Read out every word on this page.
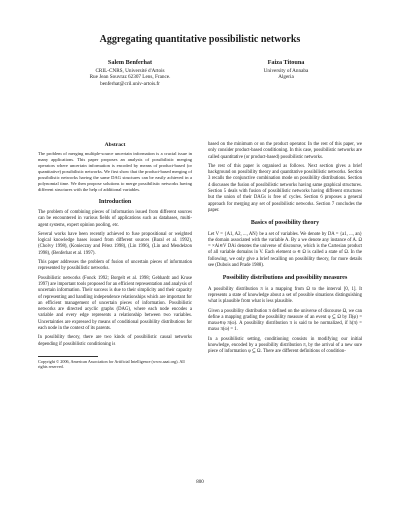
Aggregating quantitative possibilistic networks
Salem Benferhat
CRIL-CNRS, Université d'Artois
Rue Jean Souvraz 62307 Lens, France.
benferhat@cril.univ-artois.fr
Faiza Titouna
University of Annaba
Algeria
Abstract

The problem of merging multiple-source uncertain information is a crucial issue in many applications. This paper proposes an analysis of possibilistic merging operators where uncertain information is encoded by means of product-based (or quantitative) possibilistic networks. We first show that the product-based merging of possibilistic networks having the same DAG structures can be easily achieved in a polynomial time. We then propose solutions to merge possibilistic networks having different structures with the help of additional variables.

Introduction

The problem of combining pieces of information issued from different sources can be encountered in various fields of applications such as databases, multi-agent systems, expert opinion pooling, etc.

Several works have been recently achieved to fuse propositional or weighted logical knowledge bases issued from different sources (Baral et al. 1992),(Cholvy 1998), (Konieczny and Pérez 1998), (Lin 1996), (Lin and Mendelzon 1998), (Benferhat et al. 1997).

This paper addresses the problem of fusion of uncertain pieces of information represented by possibilistic networks.

Possibilistic networks (Fonck 1992; Borgelt et al. 1998; Gebhardt and Kruse 1997) are important tools proposed for an efficient representation and analysis of uncertain information. Their success is due to their simplicity and their capacity of representing and handling independence relationships which are important for an efficient management of uncertain pieces of information. Possibilistic networks are directed acyclic graphs (DAG), where each node encodes a variable and every edge represents a relationship between two variables. Uncertainties are expressed by means of conditional possibility distributions for each node in the context of its parents.

In possibility theory, there are two kinds of possibilistic causal networks depending if possibilistic conditioning is

Copyright © 2006, American Association for Artificial Intelligence (www.aaai.org). All rights reserved.

based on the minimum or on the product operator. In the rest of this paper, we only consider product-based conditioning. In this case, possibilistic networks are called quantitative (or product-based) possibilistic networks.

The rest of this paper is organised as follows. Next section gives a brief background on possibility theory and quantitative possibilistic networks. Section 3 recalls the conjunctive combination mode on possibility distributions. Section 4 discusses the fusion of possibilistic networks having same graphical structures. Section 5 deals with fusion of possibilistic networks having different structures but the union of their DAGs is free of cycles. Section 6 proposes a general approach for merging any set of possibilistic networks. Section 7 concludes the paper.

Basics of possibility theory

Let V = {A1, A2, ..., AN} be a set of variables. We denote by DA = {a1, ..., an} the domain associated with the variable A. By a we denote any instance of A. Ω = ×Ai∈V DAi denotes the universe of discourse, which is the Cartesian product of all variable domains in V. Each element ω ∈ Ω is called a state of Ω. In the following, we only give a brief recalling on possibility theory, for more details see (Dubois and Prade 1988).

Possibility distributions and possibility measures

A possibility distribution π is a mapping from Ω to the interval [0, 1]. It represents a state of knowledge about a set of possible situations distinguishing what is plausible from what is less plausible.

Given a possibility distribution π defined on the universe of discourse Ω, we can define a mapping grading the possibility measure of an event φ ⊆ Ω by Π(φ) = maxω∈φ π(ω). A possibility distribution π is said to be normalized, if h(π) = maxω π(ω) = 1.

In a possibilistic setting, conditioning consists in modifying our initial knowledge, encoded by a possibility distribution π, by the arrival of a new sure piece of information φ ⊆ Ω. There are different definitions of condition-

800
